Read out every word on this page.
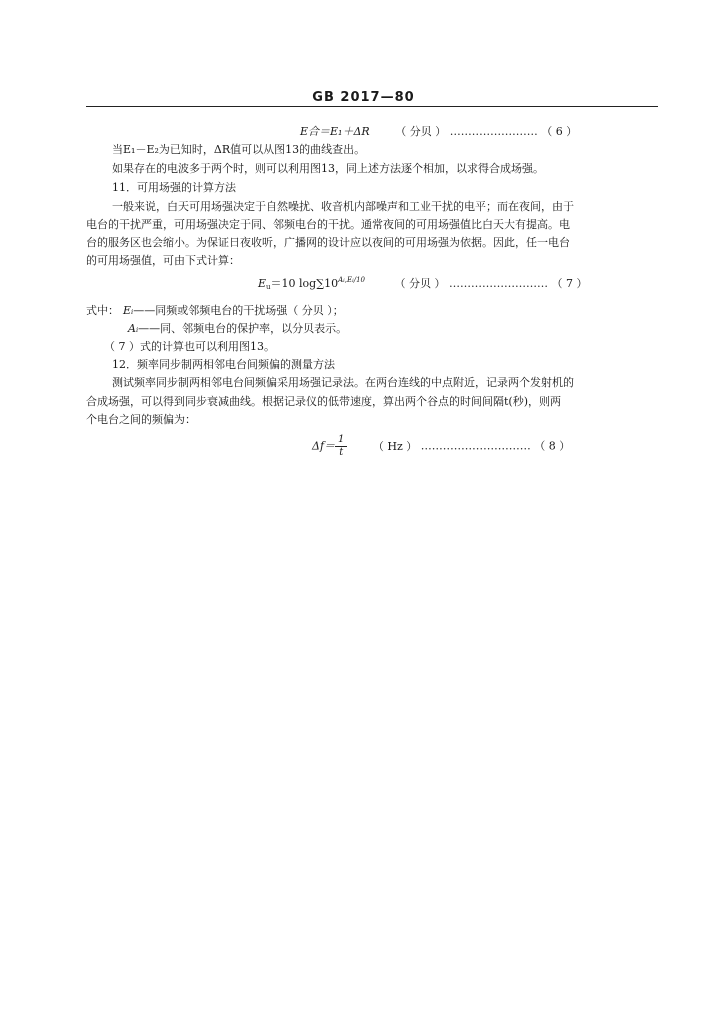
GB 2017—80
E合＝E₁＋ΔR （ 分贝 ） …………………… （ 6 ）
当E₁－E₂为已知时，ΔR值可以从图13的曲线查出。
如果存在的电波多于两个时，则可以利用图13，同上述方法逐个相加，以求得合成场强。
11．可用场强的计算方法
一般来说，白天可用场强决定于自然噪扰、收音机内部噪声和工业干扰的电平；而在夜间，由于
电台的干扰严重，可用场强决定于同、邻频电台的干扰。通常夜间的可用场强值比白天大有提高。电
台的服务区也会缩小。为保证日夜收听，广播网的设计应以夜间的可用场强为依据。因此，任一电台
的可用场强值，可由下式计算：
$E_u=10$ $\log\sum 10^{Ai,Ei/10}$	（ 分贝 ） ……………………… （ 7 ）
式中： Eᵢ——同频或邻频电台的干扰场强（ 分贝 ）；
Aᵢ——同、邻频电台的保护率，以分贝表示。
（ 7 ）式的计算也可以利用图13。
12．频率同步制两相邻电台间频偏的测量方法
测试频率同步制两相邻电台间频偏采用场强记录法。在两台连线的中点附近，记录两个发射机的
合成场强，可以得到同步衰减曲线。根据记录仪的低带速度，算出两个谷点的时间间隔t(秒)，则两
个电台之间的频偏为：
$\Delta f= \frac{1}{t}$ （ Hz ） ………………………… （ 8 ）
